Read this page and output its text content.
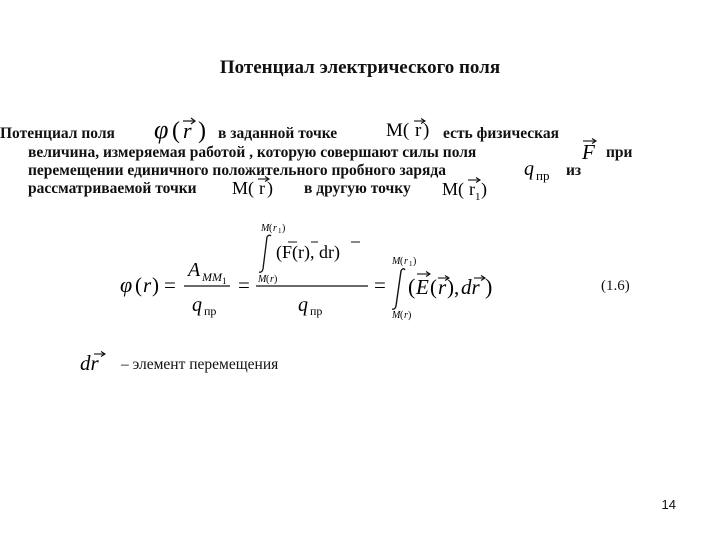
Потенциал электрического поля
Потенциал поля	в заданной точке	есть физическая
величина, измеряемая работой , которую совершают силы поля	при
перемещении единичного положительного пробного заряда	из
рассматриваемой точки	в другую точку
φ ( r )	M( r )
F
q пр
M( r )	M( r 1 )
φ ( r ) =
A MM 1
q пр
=
M ( r 1 )
M ( r )
(F(r), dr)
q пр
=
M ( r 1 )
M ( r )
( E ( r ), dr )	(1.6)
dr – элемент перемещения
14
